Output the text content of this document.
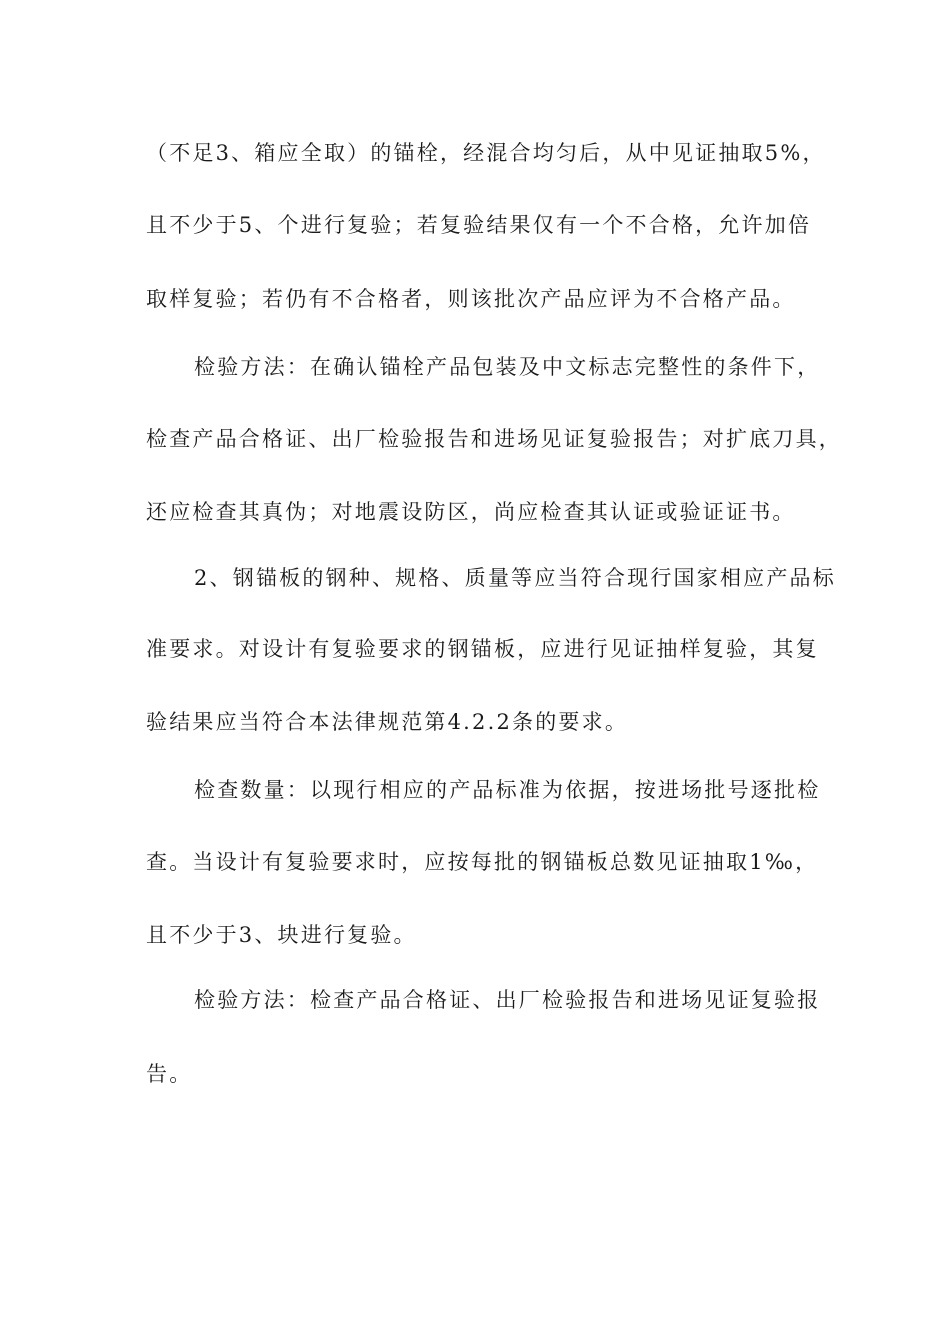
（不足3、箱应全取）的锚栓，经混合均匀后，从中见证抽取5%，
且不少于5、个进行复验；若复验结果仅有一个不合格，允许加倍
取样复验；若仍有不合格者，则该批次产品应评为不合格产品。
检验方法：在确认锚栓产品包装及中文标志完整性的条件下，
检查产品合格证、出厂检验报告和进场见证复验报告；对扩底刀具，
还应检查其真伪；对地震设防区，尚应检查其认证或验证证书。
2、钢锚板的钢种、规格、质量等应当符合现行国家相应产品标
准要求。对设计有复验要求的钢锚板，应进行见证抽样复验，其复
验结果应当符合本法律规范第4.2.2条的要求。
检查数量：以现行相应的产品标准为依据，按进场批号逐批检
查。当设计有复验要求时，应按每批的钢锚板总数见证抽取1‰，
且不少于3、块进行复验。
检验方法：检查产品合格证、出厂检验报告和进场见证复验报
告。
